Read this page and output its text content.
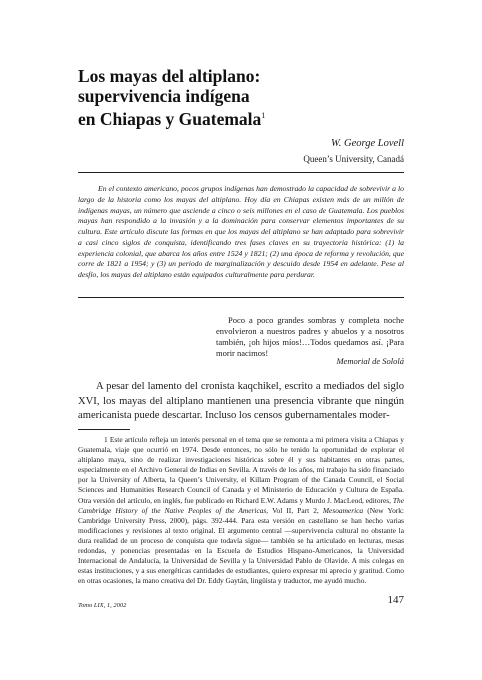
Los mayas del altiplano:
supervivencia indígena
en Chiapas y Guatemala$^1$
W. George Lovell
Queen’s University, Canadá

En el contexto americano, pocos grupos indígenas han demostrado la capacidad de sobrevivir a lo largo de la historia como los mayas del altiplano. Hoy día en Chiapas existen más de un millón de indígenas mayas, un número que asciende a cinco o seis millones en el caso de Guatemala. Los pueblos mayas han respondido a la invasión y a la dominación para conservar elementos importantes de su cultura. Este artículo discute las formas en que los mayas del altiplano se han adaptado para sobrevivir a casi cinco siglos de conquista, identificando tres fases claves en su trayectoria histórica: (1) la experiencia colonial, que abarca los años entre 1524 y 1821; (2) una época de reforma y revolución, que corre de 1821 a 1954; y (3) un periodo de marginalización y descuido desde 1954 en adelante. Pese al desfío, los mayas del altiplano están equipados culturalmente para perdurar.

Poco a poco grandes sombras y completa noche envolvieron a nuestros padres y abuelos y a nosotros también, ¡oh hijos míos!…Todos quedamos así. ¡Para morir nacimos!
Memorial de Sololá

A pesar del lamento del cronista kaqchikel, escrito a mediados del siglo XVI, los mayas del altiplano mantienen una presencia vibrante que ningún americanista puede descartar. Incluso los censos gubernamentales moder-

1 Este artículo refleja un interés personal en el tema que se remonta a mi primera visita a Chiapas y Guatemala, viaje que ocurrió en 1974. Desde entonces, no sólo he tenido la oportunidad de explorar el altiplano maya, sino de realizar investigaciones históricas sobre él y sus habitantes en otras partes, especialmente en el Archivo General de Indias en Sevilla. A través de los años, mi trabajo ha sido financiado por la University of Alberta, la Queen’s University, el Killam Program of the Canada Council, el Social Sciences and Humanities Research Council of Canada y el Ministerio de Educación y Cultura de España. Otra versión del artículo, en inglés, fue publicado en Richard E.W. Adams y Murdo J. MacLeod, editores, The Cambridge History of the Native Peoples of the Americas, Vol II, Part 2, Mesoamerica (New York: Cambridge University Press, 2000), págs. 392-444. Para esta versión en castellano se han hecho varias modificaciones y revisiones al texto original. El argumento central —supervivencia cultural no obstante la dura realidad de un proceso de conquista que todavía sigue— también se ha articulado en lecturas, mesas redondas, y ponencias presentadas en la Escuela de Estudios Hispano-Americanos, la Universidad Internacional de Andalucía, la Universidad de Sevilla y la Universidad Pablo de Olavide. A mis colegas en estas instituciones, y a sus energéticas cantidades de estudiantes, quiero expresar mi aprecio y gratitud. Como en otras ocasiones, la mano creativa del Dr. Eddy Gaytán, lingüista y traductor, me ayudó mucho.

Tomo LIX, 1, 2002	147
